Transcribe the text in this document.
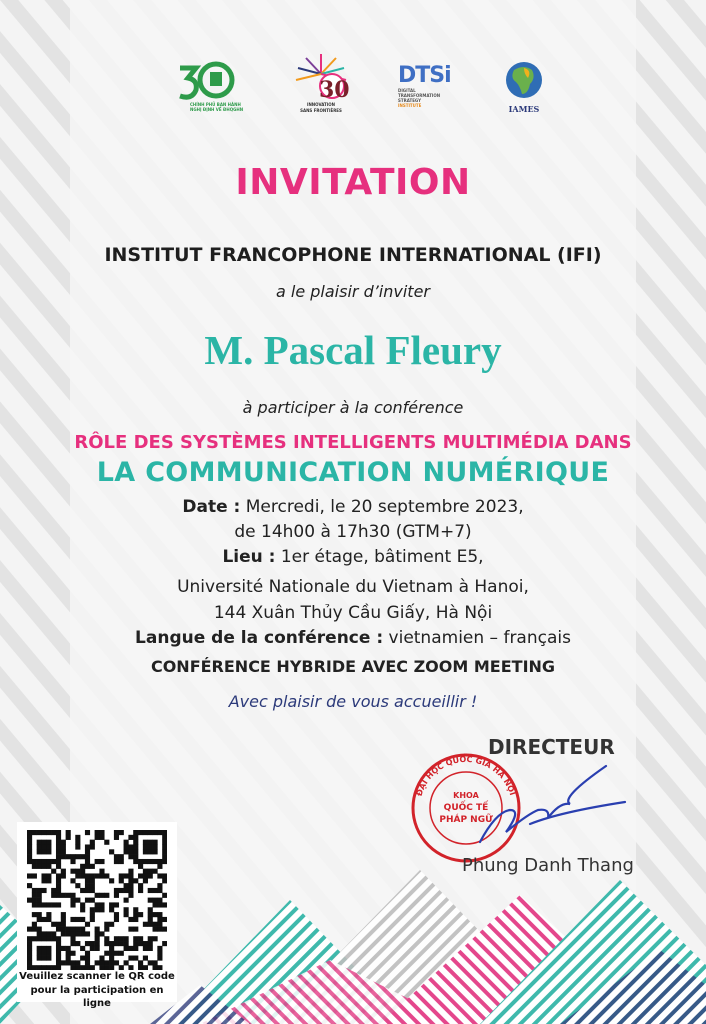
CHÍNH PHỦ BAN HÀNH NGHỊ ĐỊNH VỀ ĐHQGHN
30
INNOVATION
SANS FRONTIÈRES
DTSi
DIGITAL
TRANSFORMATION
STRATEGY
INSTITUTE	IAMES
INVITATION
INSTITUT FRANCOPHONE INTERNATIONAL (IFI)
a le plaisir d’inviter
M. Pascal Fleury
à participer à la conférence
RÔLE DES SYSTÈMES INTELLIGENTS MULTIMÉDIA DANS
LA COMMUNICATION NUMÉRIQUE
Date : Mercredi, le 20 septembre 2023,
de 14h00 à 17h30 (GTM+7)
Lieu : 1er étage, bâtiment E5,
Université Nationale du Vietnam à Hanoi,
144 Xuân Thủy Cầu Giấy, Hà Nội
Langue de la conférence : vietnamien – français
CONFÉRENCE HYBRIDE AVEC ZOOM MEETING
Avec plaisir de vous accueillir !
DIRECTEUR
ĐẠI HỌC QUỐC GIA HÀ NỘI
KHOA
QUỐC TẾ
PHÁP NGỮ
Phung Danh Thang
Veuillez scanner le QR code
pour la participation en ligne
